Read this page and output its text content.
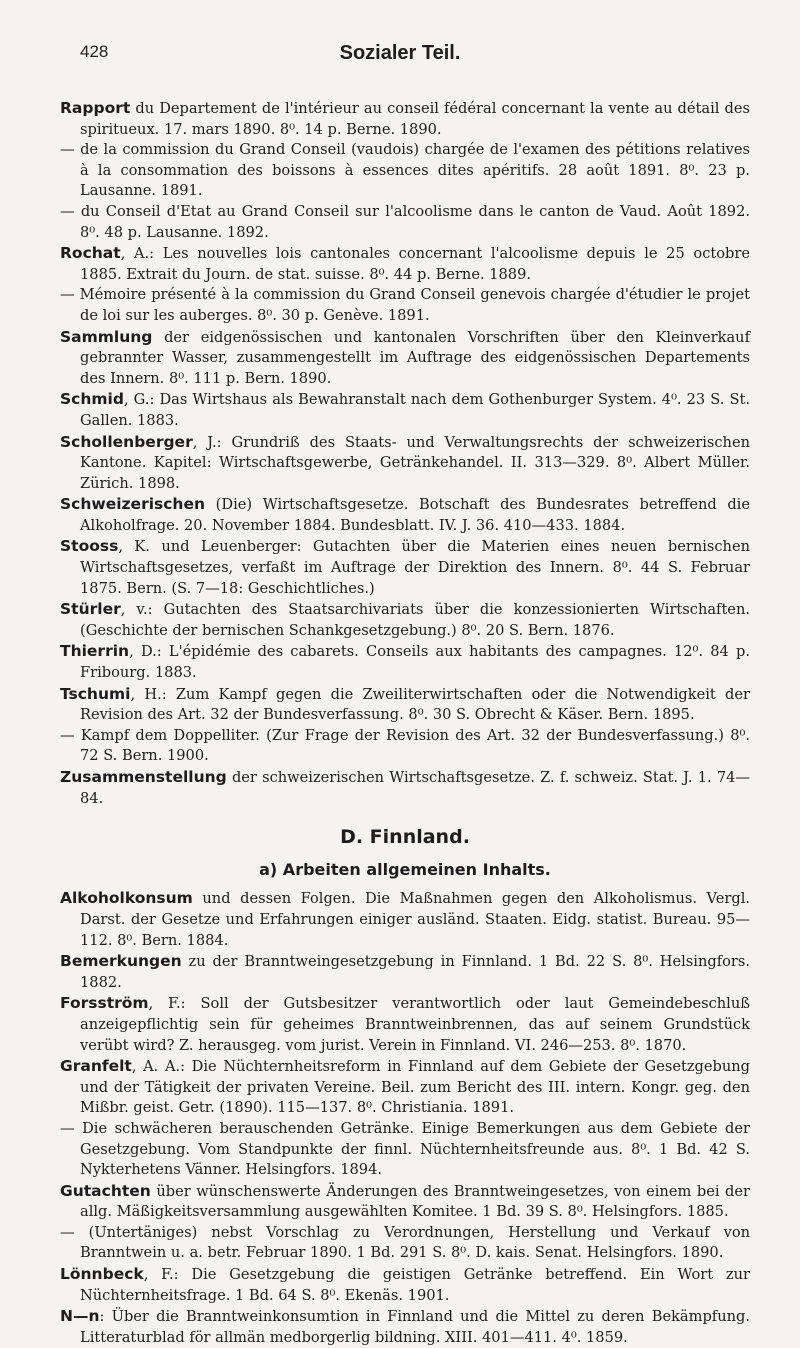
428	Sozialer Teil.

Rapport du Departement de l'intérieur au conseil fédéral concernant la vente au détail des spiritueux. 17. mars 1890. 8⁰. 14 p. Berne. 1890.

— de la commission du Grand Conseil (vaudois) chargée de l'examen des pétitions relatives à la consommation des boissons à essences dites apéritifs. 28 août 1891. 8⁰. 23 p. Lausanne. 1891.

— du Conseil d'Etat au Grand Conseil sur l'alcoolisme dans le canton de Vaud. Août 1892. 8⁰. 48 p. Lausanne. 1892.

Rochat, A.: Les nouvelles lois cantonales concernant l'alcoolisme depuis le 25 octobre 1885. Extrait du Journ. de stat. suisse. 8⁰. 44 p. Berne. 1889.

— Mémoire présenté à la commission du Grand Conseil genevois chargée d'étudier le projet de loi sur les auberges. 8⁰. 30 p. Genève. 1891.

Sammlung der eidgenössischen und kantonalen Vorschriften über den Kleinverkauf gebrannter Wasser, zusammengestellt im Auftrage des eidgenössischen Departements des Innern. 8⁰. 111 p. Bern. 1890.

Schmid, G.: Das Wirtshaus als Bewahranstalt nach dem Gothenburger System. 4⁰. 23 S. St. Gallen. 1883.

Schollenberger, J.: Grundriß des Staats- und Verwaltungsrechts der schweizerischen Kantone. Kapitel: Wirtschaftsgewerbe, Getränkehandel. II. 313—329. 8⁰. Albert Müller. Zürich. 1898.

Schweizerischen (Die) Wirtschaftsgesetze. Botschaft des Bundesrates betreffend die Alkoholfrage. 20. November 1884. Bundesblatt. IV. J. 36. 410—433. 1884.

Stooss, K. und Leuenberger: Gutachten über die Materien eines neuen bernischen Wirtschaftsgesetzes, verfaßt im Auftrage der Direktion des Innern. 8⁰. 44 S. Februar 1875. Bern. (S. 7—18: Geschichtliches.)

Stürler, v.: Gutachten des Staatsarchivariats über die konzessionierten Wirtschaften. (Geschichte der bernischen Schankgesetzgebung.) 8⁰. 20 S. Bern. 1876.

Thierrin, D.: L'épidémie des cabarets. Conseils aux habitants des campagnes. 12⁰. 84 p. Fribourg. 1883.

Tschumi, H.: Zum Kampf gegen die Zweiliterwirtschaften oder die Notwendigkeit der Revision des Art. 32 der Bundesverfassung. 8⁰. 30 S. Obrecht & Käser. Bern. 1895.

— Kampf dem Doppelliter. (Zur Frage der Revision des Art. 32 der Bundesverfassung.) 8⁰. 72 S. Bern. 1900.

Zusammenstellung der schweizerischen Wirtschaftsgesetze. Z. f. schweiz. Stat. J. 1. 74—84.

D. Finnland.
a) Arbeiten allgemeinen Inhalts.

Alkoholkonsum und dessen Folgen. Die Maßnahmen gegen den Alkoholismus. Vergl. Darst. der Gesetze und Erfahrungen einiger ausländ. Staaten. Eidg. statist. Bureau. 95—112. 8⁰. Bern. 1884.

Bemerkungen zu der Branntweingesetzgebung in Finnland. 1 Bd. 22 S. 8⁰. Helsingfors. 1882.

Forsström, F.: Soll der Gutsbesitzer verantwortlich oder laut Gemeindebeschluß anzeigepflichtig sein für geheimes Branntweinbrennen, das auf seinem Grundstück verübt wird? Z. herausgeg. vom jurist. Verein in Finnland. VI. 246—253. 8⁰. 1870.

Granfelt, A. A.: Die Nüchternheitsreform in Finnland auf dem Gebiete der Gesetzgebung und der Tätigkeit der privaten Vereine. Beil. zum Bericht des III. intern. Kongr. geg. den Mißbr. geist. Getr. (1890). 115—137. 8⁰. Christiania. 1891.

— Die schwächeren berauschenden Getränke. Einige Bemerkungen aus dem Gebiete der Gesetzgebung. Vom Standpunkte der finnl. Nüchternheitsfreunde aus. 8⁰. 1 Bd. 42 S. Nykterhetens Vänner. Helsingfors. 1894.

Gutachten über wünschenswerte Änderungen des Branntweingesetzes, von einem bei der allg. Mäßigkeitsversammlung ausgewählten Komitee. 1 Bd. 39 S. 8⁰. Helsingfors. 1885.

— (Untertäniges) nebst Vorschlag zu Verordnungen, Herstellung und Verkauf von Branntwein u. a. betr. Februar 1890. 1 Bd. 291 S. 8⁰. D. kais. Senat. Helsingfors. 1890.

Lönnbeck, F.: Die Gesetzgebung die geistigen Getränke betreffend. Ein Wort zur Nüchternheitsfrage. 1 Bd. 64 S. 8⁰. Ekenäs. 1901.

N—n: Über die Branntweinkonsumtion in Finnland und die Mittel zu deren Bekämpfung. Litteraturblad för allmän medborgerlig bildning. XIII. 401—411. 4⁰. 1859.
